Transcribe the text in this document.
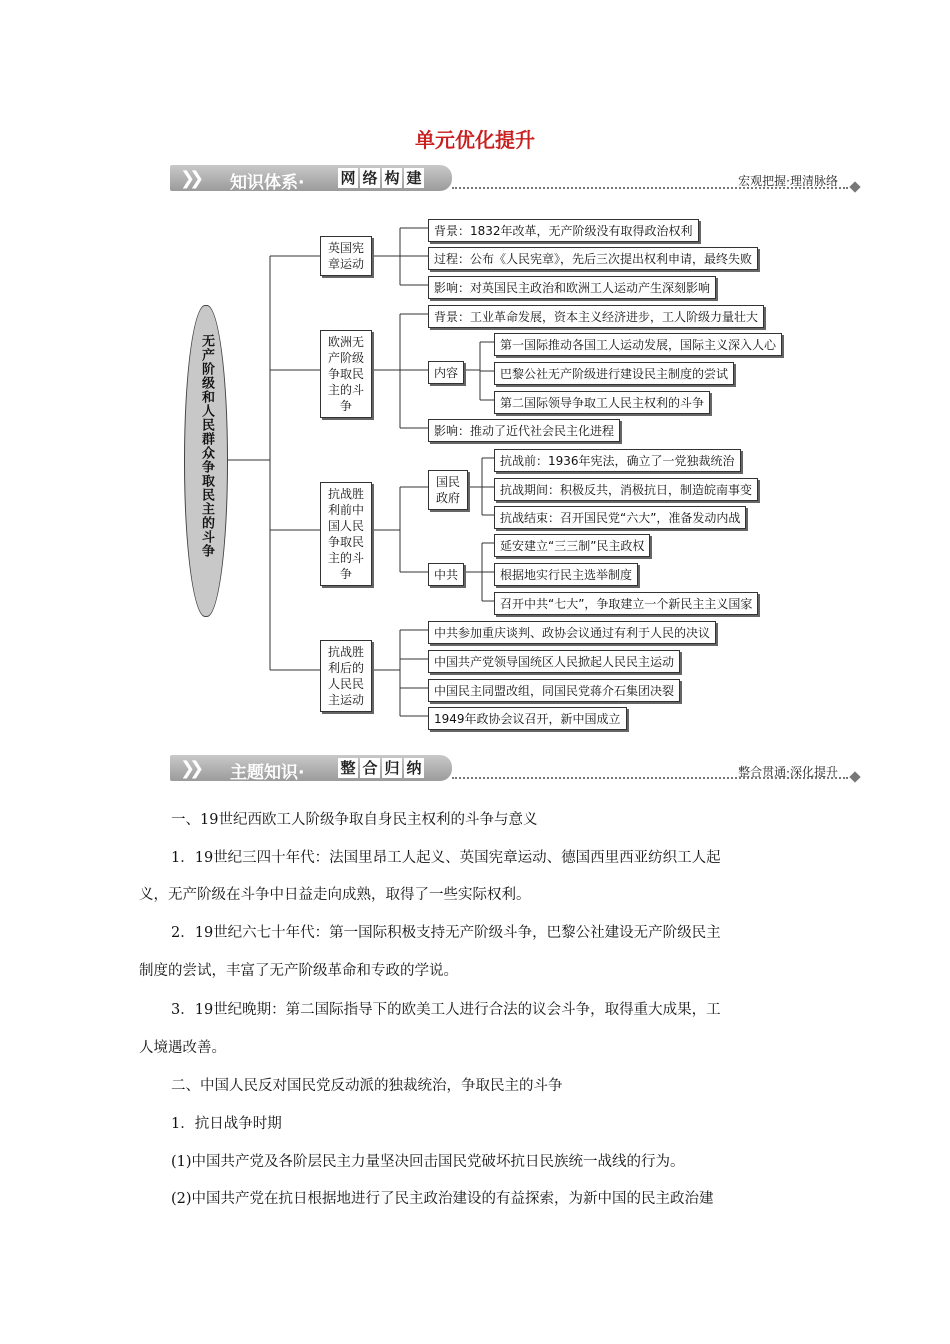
单元优化提升
❯❯ 知识体系· 网 络 构 建	宏观把握·理清脉络
无产阶级和人民群众争取民主的斗争
英国宪章运动
背景：1832年改革，无产阶级没有取得政治权利
过程：公布《人民宪章》，先后三次提出权利申请，最终失败
影响：对英国民主政治和欧洲工人运动产生深刻影响
欧洲无产阶级争取民主的斗争
背景：工业革命发展，资本主义经济进步，工人阶级力量壮大
内容
第一国际推动各国工人运动发展，国际主义深入人心
巴黎公社无产阶级进行建设民主制度的尝试
第二国际领导争取工人民主权利的斗争
影响：推动了近代社会民主化进程
抗战胜利前中国人民争取民主的斗争
国民政府
抗战前：1936年宪法，确立了一党独裁统治
抗战期间：积极反共，消极抗日，制造皖南事变
抗战结束：召开国民党“六大”，准备发动内战
中共
延安建立“三三制”民主政权
根据地实行民主选举制度
召开中共“七大”，争取建立一个新民主主义国家
抗战胜利后的人民民主运动
中共参加重庆谈判、政协会议通过有利于人民的决议
中国共产党领导国统区人民掀起人民民主运动
中国民主同盟改组，同国民党蒋介石集团决裂
1949年政协会议召开，新中国成立
❯❯ 主题知识· 整 合 归 纳	整合贯通·深化提升
一、19世纪西欧工人阶级争取自身民主权利的斗争与意义
1．19世纪三四十年代：法国里昂工人起义、英国宪章运动、德国西里西亚纺织工人起
义，无产阶级在斗争中日益走向成熟，取得了一些实际权利。
2．19世纪六七十年代：第一国际积极支持无产阶级斗争，巴黎公社建设无产阶级民主
制度的尝试，丰富了无产阶级革命和专政的学说。
3．19世纪晚期：第二国际指导下的欧美工人进行合法的议会斗争，取得重大成果，工
人境遇改善。
二、中国人民反对国民党反动派的独裁统治，争取民主的斗争
1．抗日战争时期
(1)中国共产党及各阶层民主力量坚决回击国民党破坏抗日民族统一战线的行为。
(2)中国共产党在抗日根据地进行了民主政治建设的有益探索，为新中国的民主政治建
